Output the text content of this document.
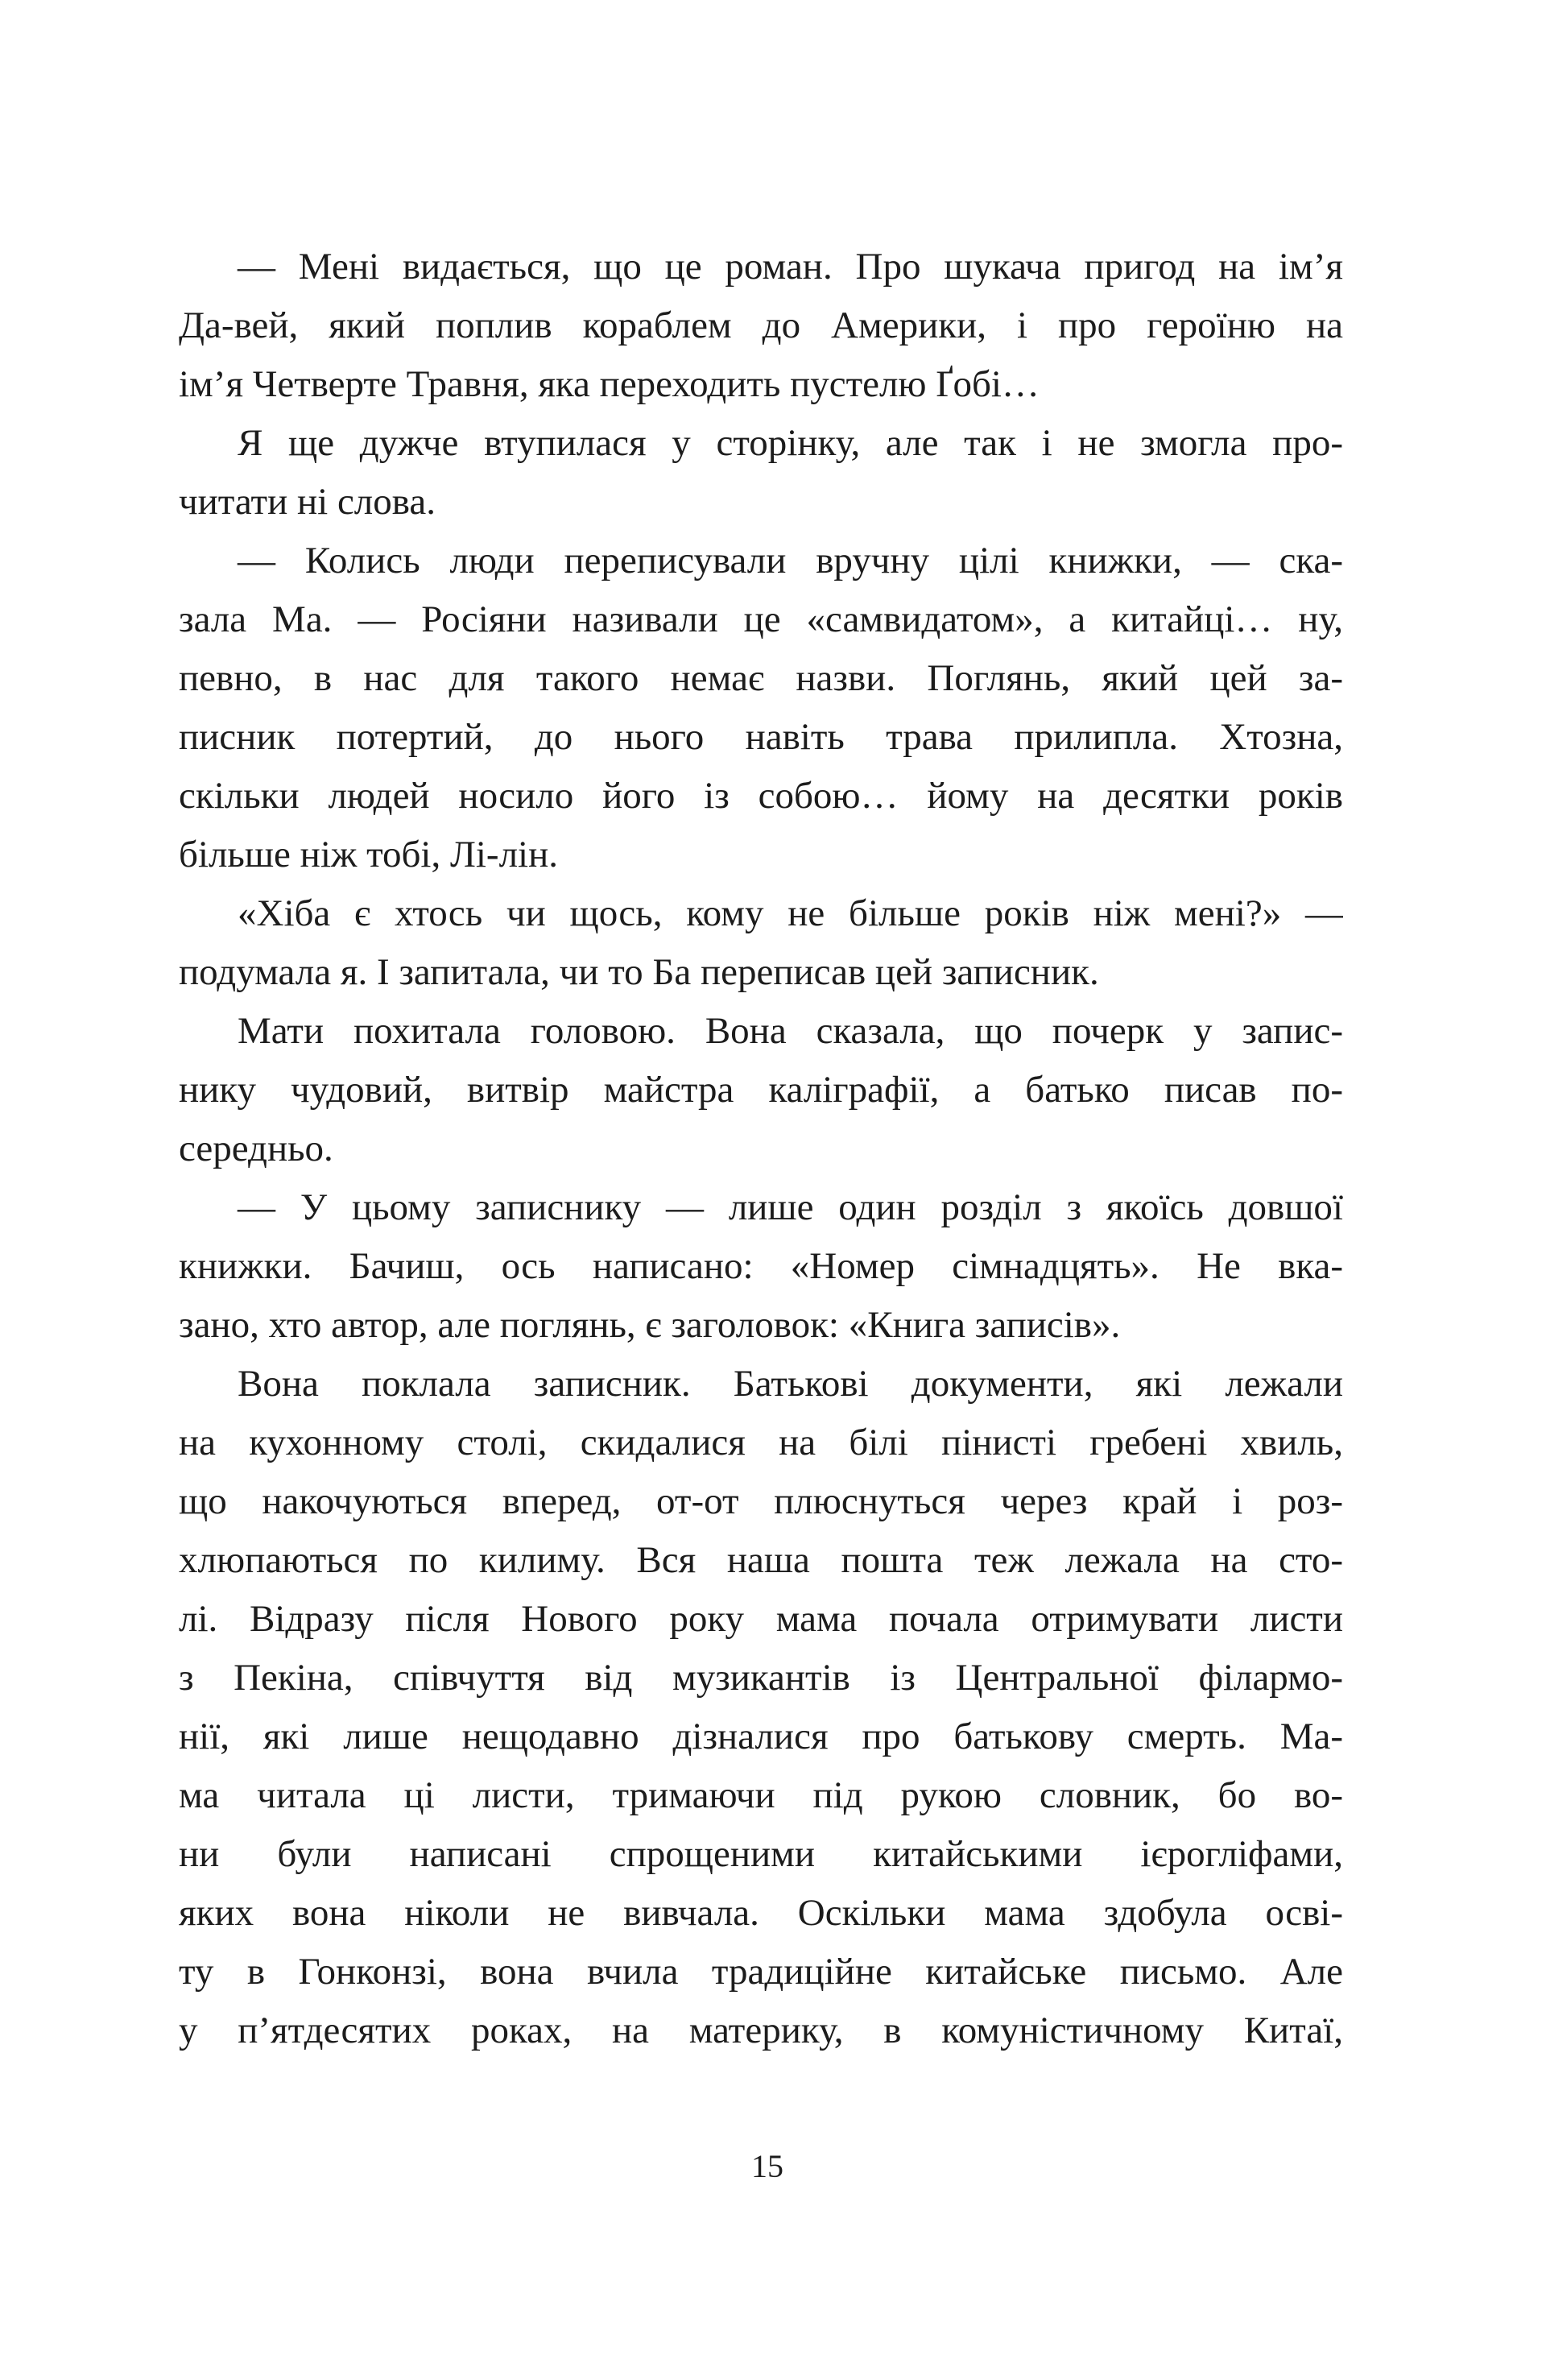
— Мені видається, що це роман. Про шукача пригод на ім’я
Да-вей, який поплив кораблем до Америки, і про героїню на
ім’я Четверте Травня, яка переходить пустелю Ґобі…
Я ще дужче втупилася у сторінку, але так і не змогла про-
читати ні слова.
— Колись люди переписували вручну цілі книжки, — ска-
зала Ма. — Росіяни називали це «самвидатом», а китайці… ну,
певно, в нас для такого немає назви. Поглянь, який цей за-
писник потертий, до нього навіть трава прилипла. Хтозна,
скільки людей носило його із собою… йому на десятки років
більше ніж тобі, Лі-лін.
«Хіба є хтось чи щось, кому не більше років ніж мені?» —
подумала я. І запитала, чи то Ба переписав цей записник.
Мати похитала головою. Вона сказала, що почерк у запис-
нику чудовий, витвір майстра каліграфії, а батько писав по-
середньо.
— У цьому записнику — лише один розділ з якоїсь довшої
книжки. Бачиш, ось написано: «Номер сімнадцять». Не вка-
зано, хто автор, але поглянь, є заголовок: «Книга записів».
Вона поклала записник. Батькові документи, які лежали
на кухонному столі, скидалися на білі пінисті гребені хвиль,
що накочуються вперед, от-от плюснуться через край і роз-
хлюпаються по килиму. Вся наша пошта теж лежала на сто-
лі. Відразу після Нового року мама почала отримувати листи
з Пекіна, співчуття від музикантів із Центральної філармо-
нії, які лише нещодавно дізналися про батькову смерть. Ма-
ма читала ці листи, тримаючи під рукою словник, бо во-
ни були написані спрощеними китайськими ієрогліфами,
яких вона ніколи не вивчала. Оскільки мама здобула осві-
ту в Гонконзі, вона вчила традиційне китайське письмо. Але
у п’ятдесятих роках, на материку, в комуністичному Китаї,
15
